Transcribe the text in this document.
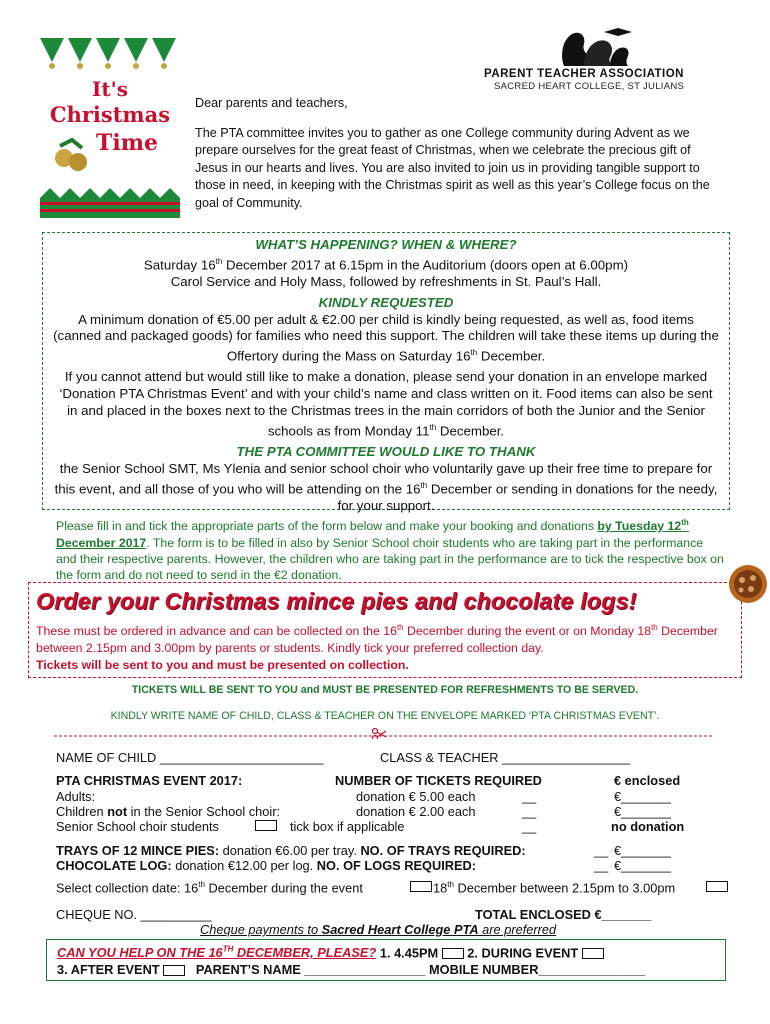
It's
Christmas
Time
PARENT TEACHER ASSOCIATION
SACRED HEART COLLEGE, ST JULIANS
Dear parents and teachers,
The PTA committee invites you to gather as one College community during Advent as we prepare ourselves for the great feast of Christmas, when we celebrate the precious gift of Jesus in our hearts and lives. You are also invited to join us in providing tangible support to those in need, in keeping with the Christmas spirit as well as this year’s College focus on the goal of Community.
WHAT’S HAPPENING? WHEN & WHERE?
Saturday 16th December 2017 at 6.15pm in the Auditorium (doors open at 6.00pm)
Carol Service and Holy Mass, followed by refreshments in St. Paul’s Hall.
KINDLY REQUESTED
A minimum donation of €5.00 per adult & €2.00 per child is kindly being requested, as well as, food items (canned and packaged goods) for families who need this support. The children will take these items up during the Offertory during the Mass on Saturday 16th December.
If you cannot attend but would still like to make a donation, please send your donation in an envelope marked ‘Donation PTA Christmas Event’ and with your child’s name and class written on it. Food items can also be sent in and placed in the boxes next to the Christmas trees in the main corridors of both the Junior and the Senior schools as from Monday 11th December.
THE PTA COMMITTEE WOULD LIKE TO THANK
the Senior School SMT, Ms Ylenia and senior school choir who voluntarily gave up their free time to prepare for this event, and all those of you who will be attending on the 16th December or sending in donations for the needy, for your support.
Please fill in and tick the appropriate parts of the form below and make your booking and donations by Tuesday 12th December 2017. The form is to be filled in also by Senior School choir students who are taking part in the performance and their respective parents. However, the children who are taking part in the performance are to tick the respective box on the form and do not need to send in the €2 donation.
Order your Christmas mince pies and chocolate logs!
These must be ordered in advance and can be collected on the 16th December during the event or on Monday 18th December between 2.15pm and 3.00pm by parents or students. Kindly tick your preferred collection day.
Tickets will be sent to you and must be presented on collection.
TICKETS WILL BE SENT TO YOU and MUST BE PRESENTED FOR REFRESHMENTS TO BE SERVED.
KINDLY WRITE NAME OF CHILD, CLASS & TEACHER ON THE ENVELOPE MARKED ‘PTA CHRISTMAS EVENT’.
NAME OF CHILD _______________________	CLASS & TEACHER __________________
PTA CHRISTMAS EVENT 2017:	NUMBER OF TICKETS REQUIRED	€ enclosed
Adults:	donation € 5.00 each	__	€_______
Children not in the Senior School choir:	donation € 2.00 each	__	€_______
Senior School choir students	tick box if applicable	__	no donation
TRAYS OF 12 MINCE PIES: donation €6.00 per tray. NO. OF TRAYS REQUIRED:	__ €_______
CHOCOLATE LOG: donation €12.00 per log. NO. OF LOGS REQUIRED:	__ €_______
Select collection date: 16th December during the event	18th December between 2.15pm to 3.00pm
CHEQUE NO. __________	TOTAL ENCLOSED €_______
Cheque payments to Sacred Heart College PTA are preferred
CAN YOU HELP ON THE 16TH DECEMBER, PLEASE? 1. 4.45PM  2. DURING EVENT
3. AFTER EVENT	PARENT’S NAME _________________ MOBILE NUMBER_______________
